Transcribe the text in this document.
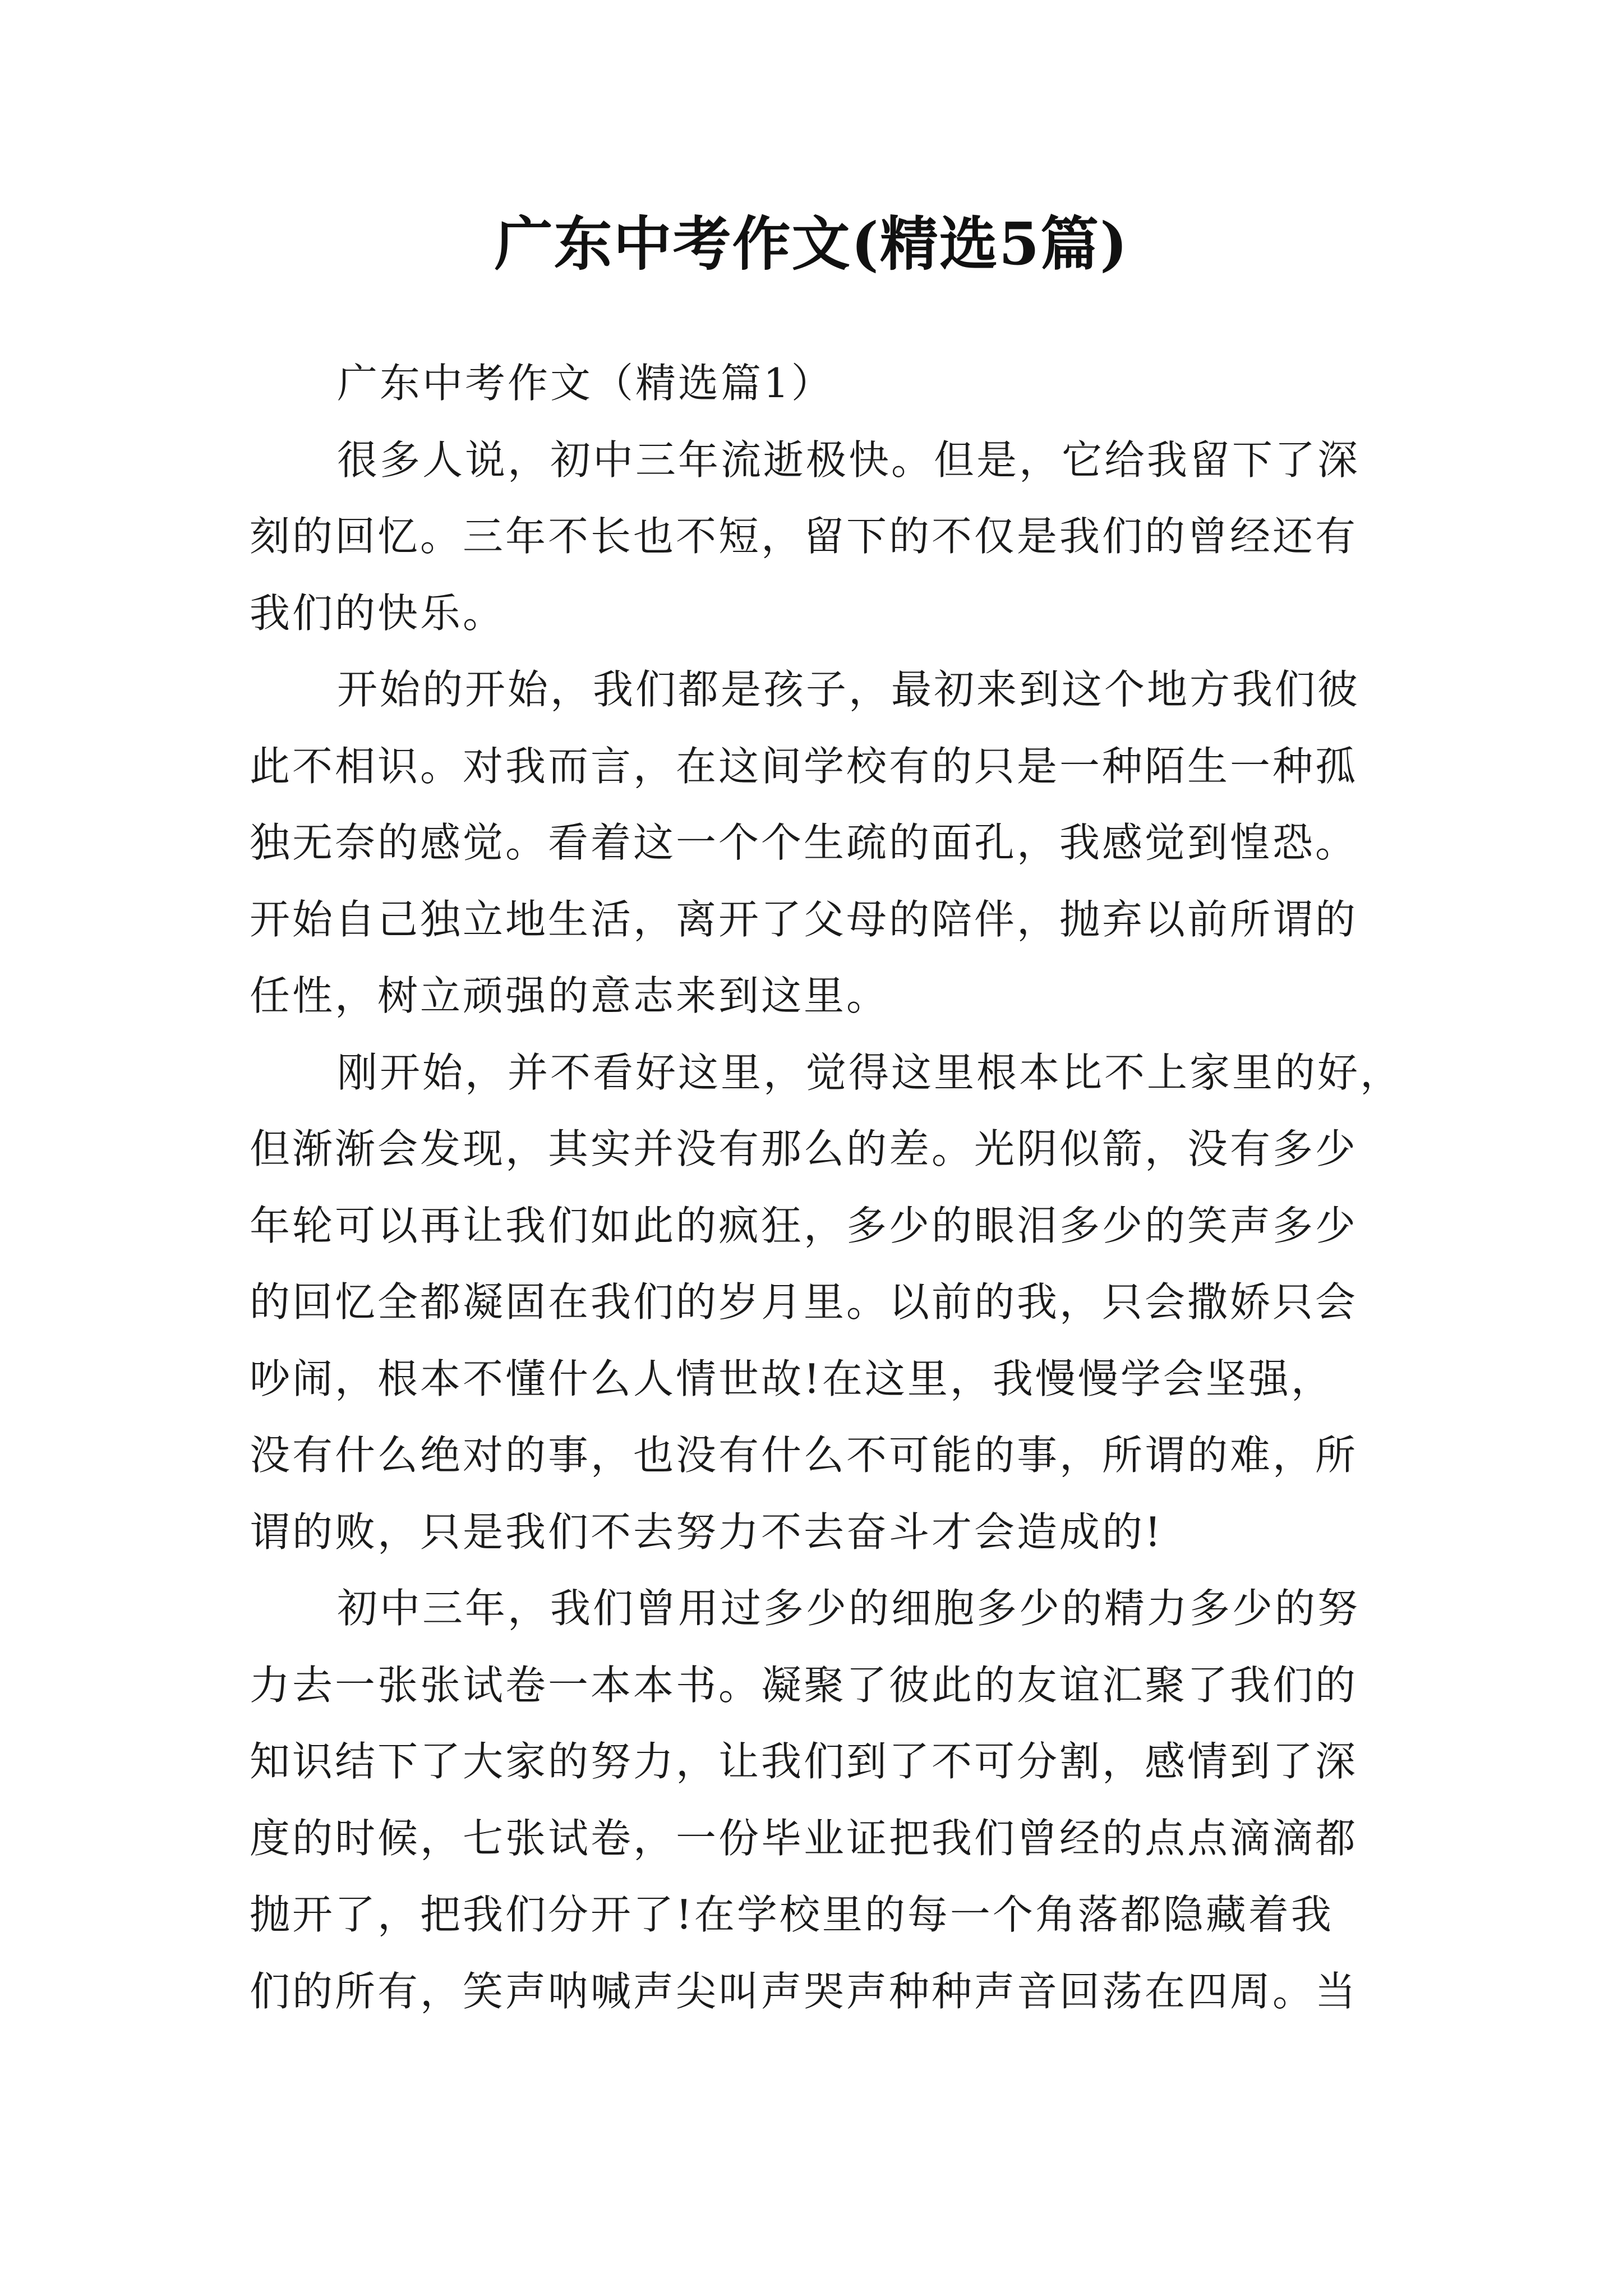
广东中考作文(精选5篇)

广东中考作文（精选篇1）

很多人说，初中三年流逝极快。但是，它给我留下了深
刻的回忆。三年不长也不短，留下的不仅是我们的曾经还有
我们的快乐。
开始的开始，我们都是孩子，最初来到这个地方我们彼
此不相识。对我而言，在这间学校有的只是一种陌生一种孤
独无奈的感觉。看着这一个个生疏的面孔，我感觉到惶恐。
开始自己独立地生活，离开了父母的陪伴，抛弃以前所谓的
任性，树立顽强的意志来到这里。
刚开始，并不看好这里，觉得这里根本比不上家里的好，
但渐渐会发现，其实并没有那么的差。光阴似箭，没有多少
年轮可以再让我们如此的疯狂，多少的眼泪多少的笑声多少
的回忆全都凝固在我们的岁月里。以前的我，只会撒娇只会
吵闹，根本不懂什么人情世故!在这里，我慢慢学会坚强，
没有什么绝对的事，也没有什么不可能的事，所谓的难，所
谓的败，只是我们不去努力不去奋斗才会造成的!
初中三年，我们曾用过多少的细胞多少的精力多少的努
力去一张张试卷一本本书。凝聚了彼此的友谊汇聚了我们的
知识结下了大家的努力，让我们到了不可分割，感情到了深
度的时候，七张试卷，一份毕业证把我们曾经的点点滴滴都
抛开了，把我们分开了!在学校里的每一个角落都隐藏着我
们的所有，笑声呐喊声尖叫声哭声种种声音回荡在四周。当
